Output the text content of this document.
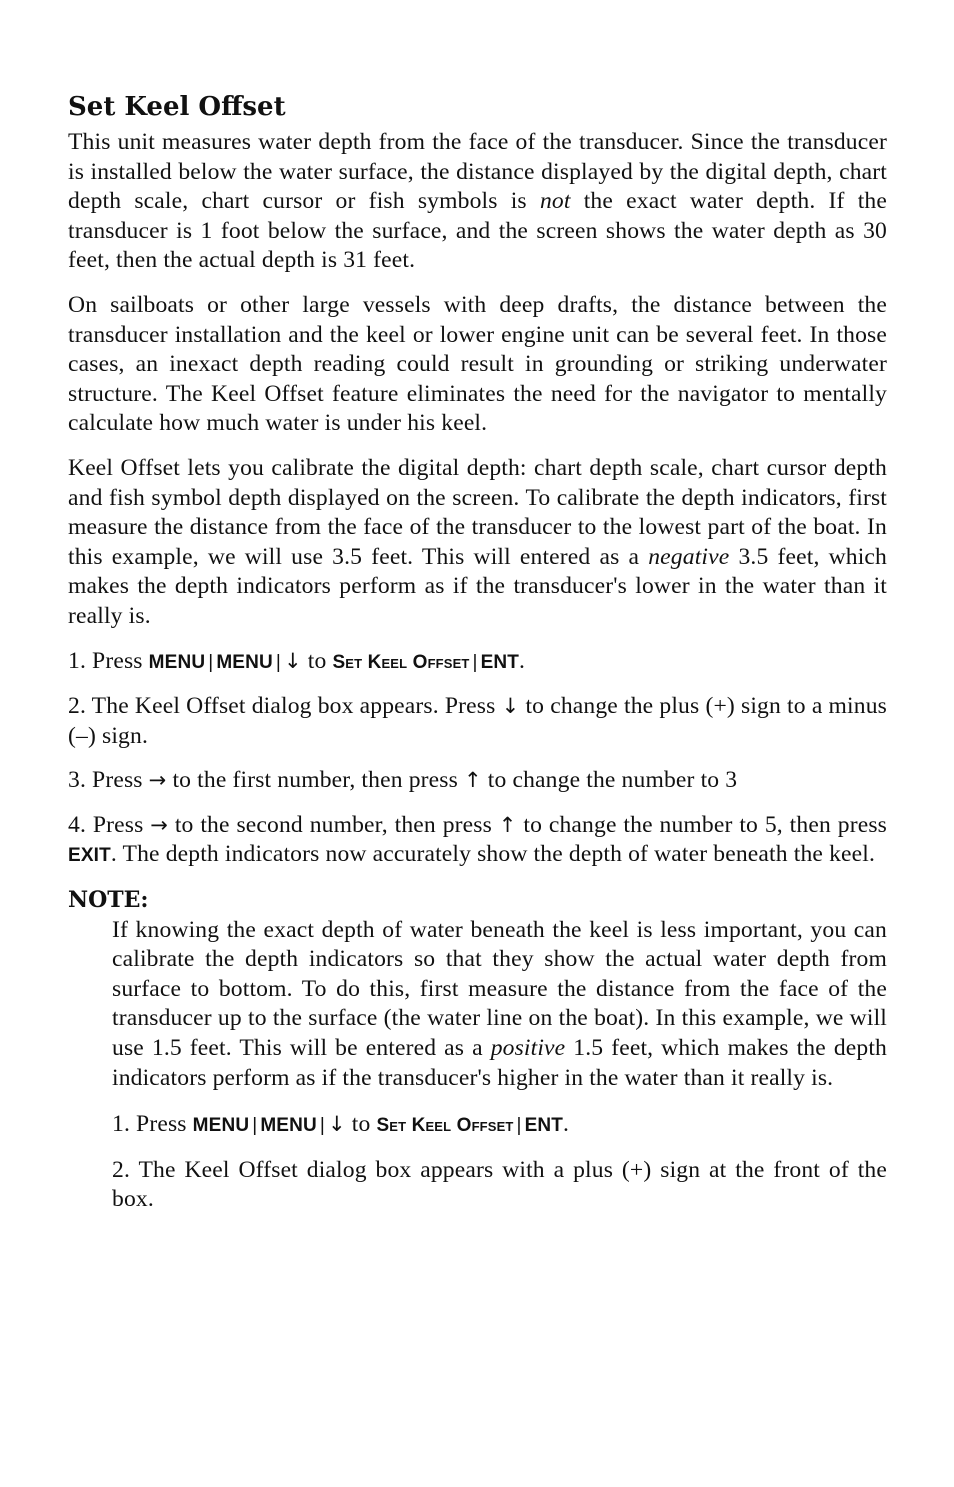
Set Keel Offset

This unit measures water depth from the face of the transducer. Since the transducer is installed below the water surface, the distance displayed by the digital depth, chart depth scale, chart cursor or fish symbols is not the exact water depth. If the transducer is 1 foot below the surface, and the screen shows the water depth as 30 feet, then the actual depth is 31 feet.

On sailboats or other large vessels with deep drafts, the distance between the transducer installation and the keel or lower engine unit can be several feet. In those cases, an inexact depth reading could result in grounding or striking underwater structure. The Keel Offset feature eliminates the need for the navigator to mentally calculate how much water is under his keel.

Keel Offset lets you calibrate the digital depth: chart depth scale, chart cursor depth and fish symbol depth displayed on the screen. To calibrate the depth indicators, first measure the distance from the face of the transducer to the lowest part of the boat. In this example, we will use 3.5 feet. This will entered as a negative 3.5 feet, which makes the depth indicators perform as if the transducer's lower in the water than it really is.

1. Press MENU | MENU | ↓ to Set Keel Offset | ENT.

2. The Keel Offset dialog box appears. Press ↓ to change the plus (+) sign to a minus (–) sign.

3. Press → to the first number, then press ↑ to change the number to 3

4. Press → to the second number, then press ↑ to change the number to 5, then press EXIT. The depth indicators now accurately show the depth of water beneath the keel.

NOTE:

If knowing the exact depth of water beneath the keel is less important, you can calibrate the depth indicators so that they show the actual water depth from surface to bottom. To do this, first measure the distance from the face of the transducer up to the surface (the water line on the boat). In this example, we will use 1.5 feet. This will be entered as a positive 1.5 feet, which makes the depth indicators perform as if the transducer's higher in the water than it really is.

1. Press MENU | MENU | ↓ to Set Keel Offset | ENT.

2. The Keel Offset dialog box appears with a plus (+) sign at the front of the box.
